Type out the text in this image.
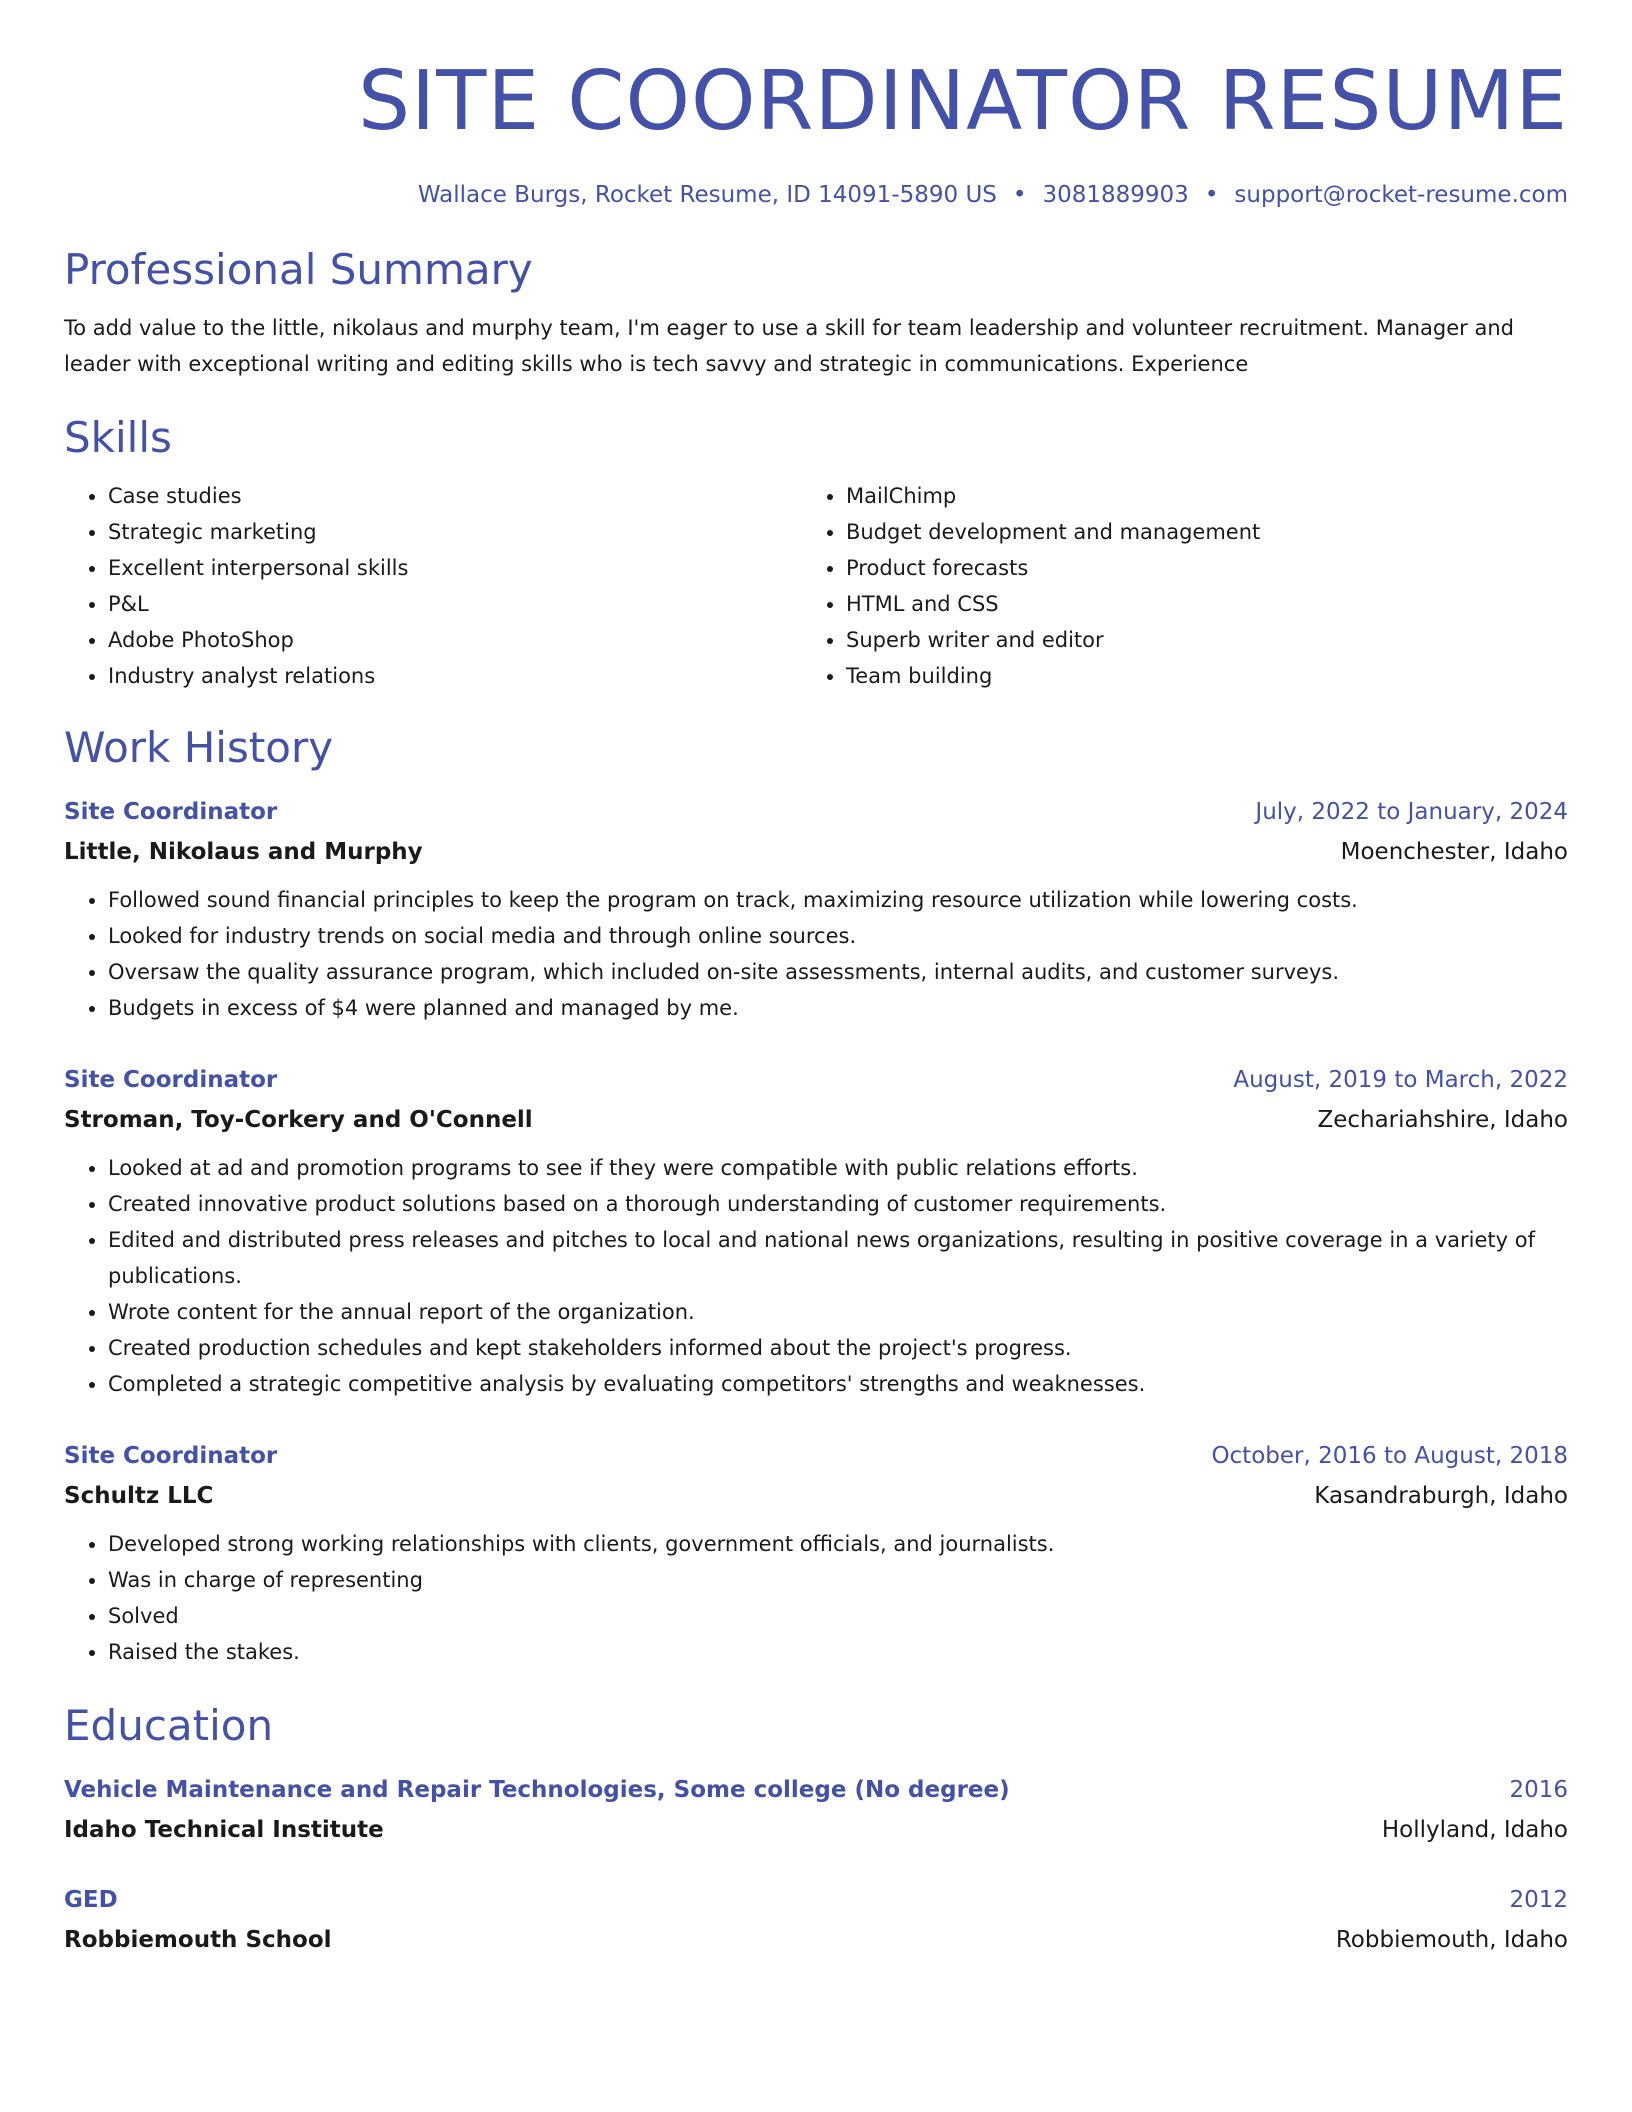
SITE COORDINATOR RESUME
Wallace Burgs, Rocket Resume, ID 14091-5890 US • 3081889903 • support@rocket-resume.com
Professional Summary

To add value to the little, nikolaus and murphy team, I'm eager to use a skill for team leadership and volunteer recruitment. Manager and leader with exceptional writing and editing skills who is tech savvy and strategic in communications. Experience

Skills
• Case studies
• Strategic marketing
• Excellent interpersonal skills
• P&L
• Adobe PhotoShop
• Industry analyst relations
• MailChimp
• Budget development and management
• Product forecasts
• HTML and CSS
• Superb writer and editor
• Team building
Work History
Site Coordinator	July, 2022 to January, 2024
Little, Nikolaus and Murphy	Moenchester, Idaho
• Followed sound financial principles to keep the program on track, maximizing resource utilization while lowering costs.
• Looked for industry trends on social media and through online sources.
• Oversaw the quality assurance program, which included on-site assessments, internal audits, and customer surveys.
• Budgets in excess of $4 were planned and managed by me.
Site Coordinator	August, 2019 to March, 2022
Stroman, Toy-Corkery and O'Connell	Zechariahshire, Idaho
• Looked at ad and promotion programs to see if they were compatible with public relations efforts.
• Created innovative product solutions based on a thorough understanding of customer requirements.
• Edited and distributed press releases and pitches to local and national news organizations, resulting in positive coverage in a variety of publications.
• Wrote content for the annual report of the organization.
• Created production schedules and kept stakeholders informed about the project's progress.
• Completed a strategic competitive analysis by evaluating competitors' strengths and weaknesses.
Site Coordinator	October, 2016 to August, 2018
Schultz LLC	Kasandraburgh, Idaho
• Developed strong working relationships with clients, government officials, and journalists.
• Was in charge of representing
• Solved
• Raised the stakes.
Education
Vehicle Maintenance and Repair Technologies, Some college (No degree)	2016
Idaho Technical Institute	Hollyland, Idaho
GED	2012
Robbiemouth School	Robbiemouth, Idaho
